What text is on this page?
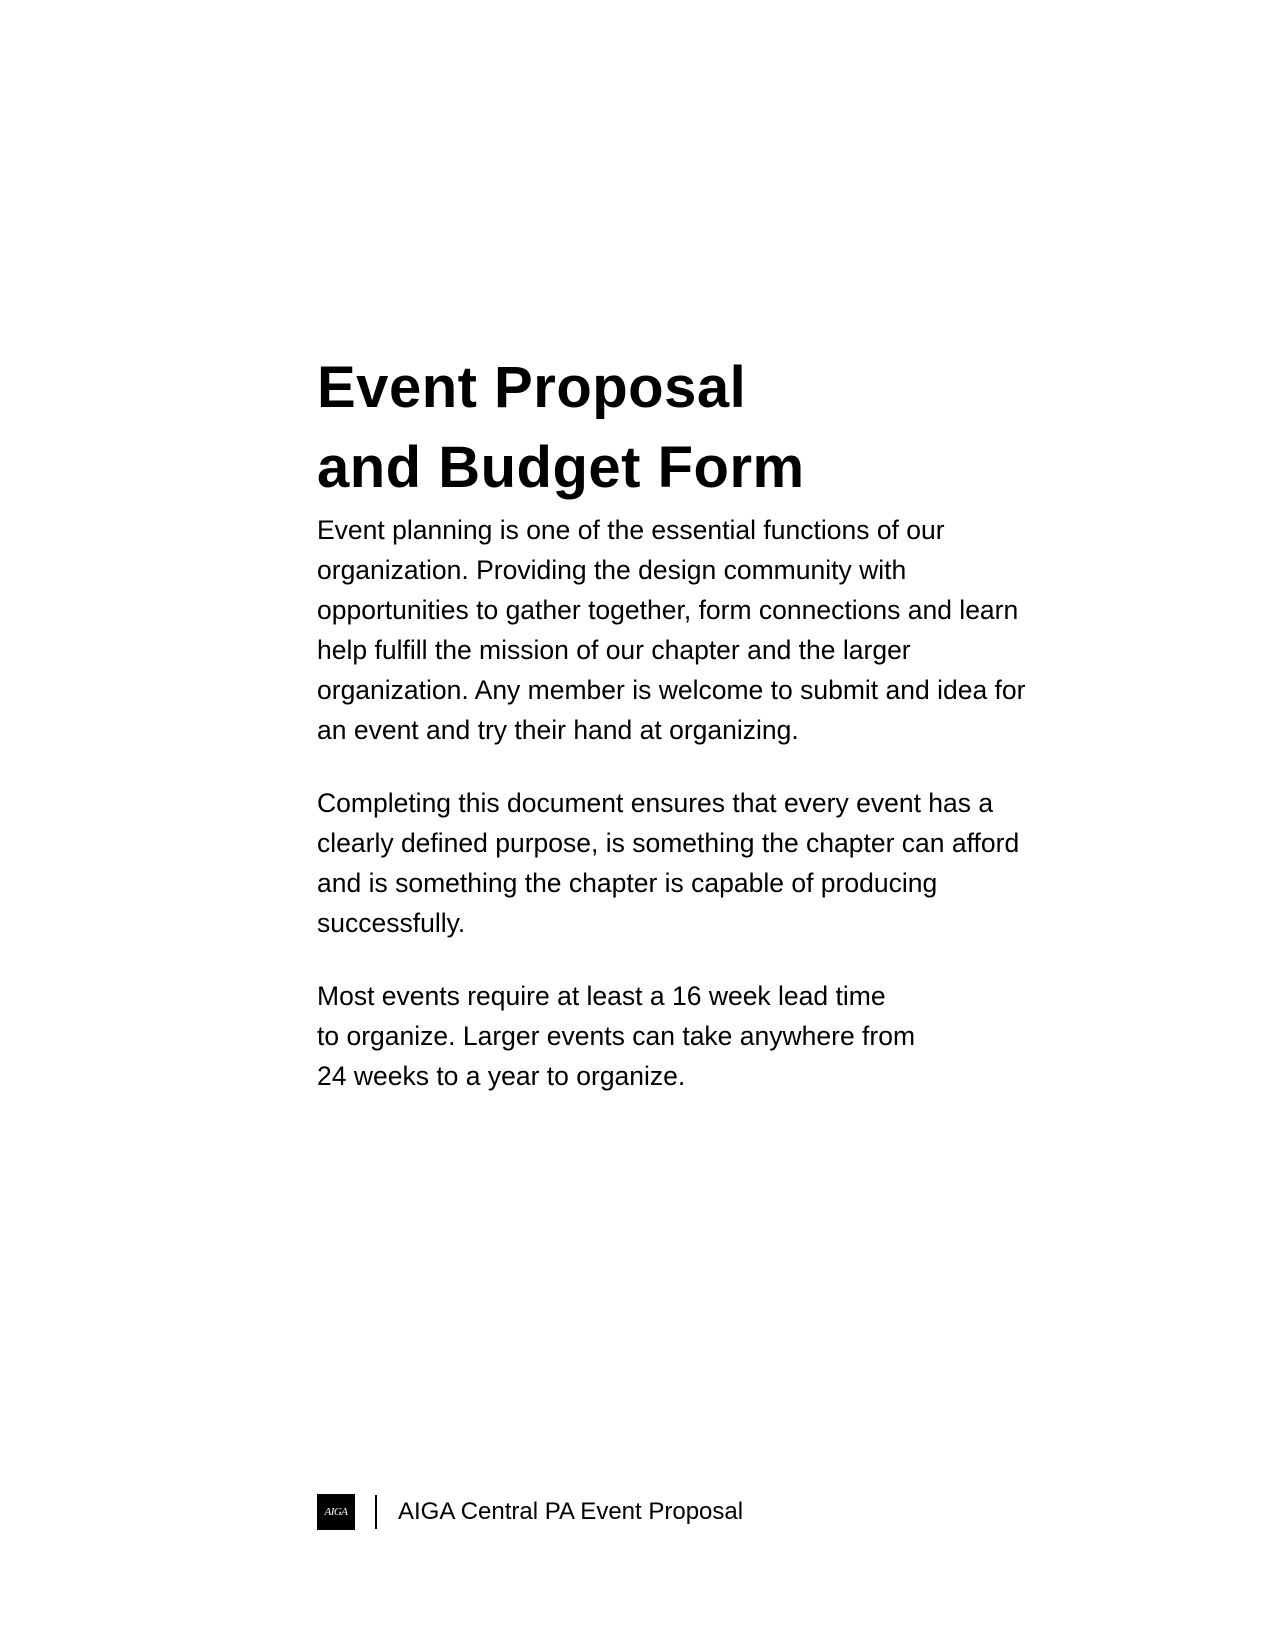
Event Proposal
and Budget Form

Event planning is one of the essential functions of our organization. Providing the design community with opportunities to gather together, form connections and learn help fulfill the mission of our chapter and the larger organization. Any member is welcome to submit and idea for an event and try their hand at organizing.

Completing this document ensures that every event has a clearly defined purpose, is something the chapter can afford and is something the chapter is capable of producing successfully.

Most events require at least a 16 week lead time
to organize. Larger events can take anywhere from
24 weeks to a year to organize.

AIGA AIGA Central PA Event Proposal
